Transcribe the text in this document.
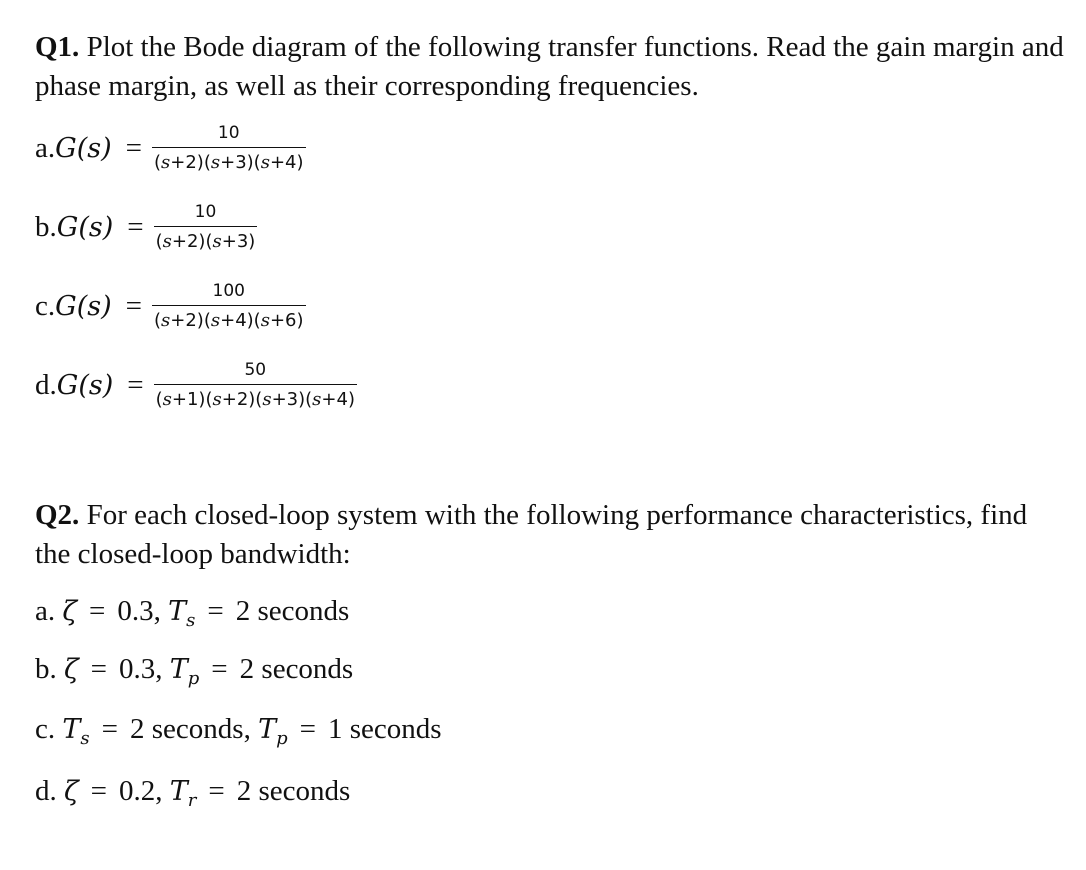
Q1. Plot the Bode diagram of the following transfer functions. Read the gain margin and phase margin, as well as their corresponding frequencies.

a. $G(s) = \frac{10}{(s+2)(s+3)(s+4)}$
b. $G(s) = \frac{10}{(s+2)(s+3)}$
c. $G(s) = \frac{100}{(s+2)(s+4)(s+6)}$
d. $G(s) = \frac{50}{(s+1)(s+2)(s+3)(s+4)}$

Q2. For each closed-loop system with the following performance characteristics, find the closed-loop bandwidth:

a. ζ = 0.3, $T_s = 2$ seconds
b. ζ = 0.3, $T_p = 2$ seconds
c. $T_s = 2$ seconds, $T_p = 1$ seconds
d. ζ = 0.2, $T_r = 2$ seconds
